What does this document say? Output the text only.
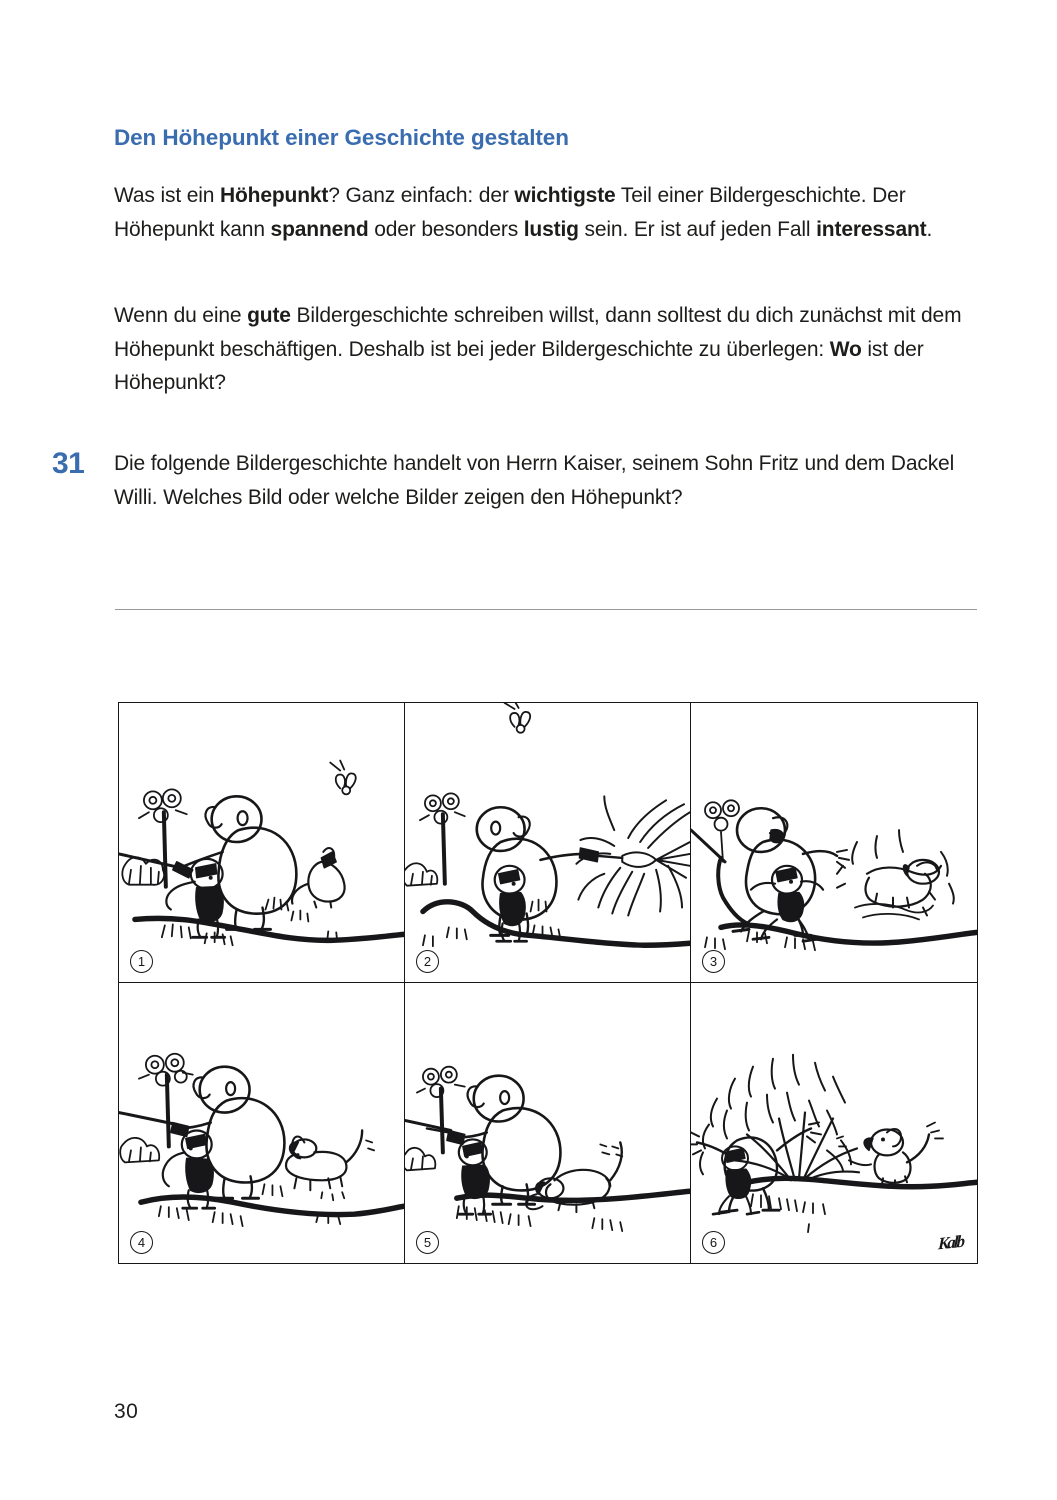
Den Höhepunkt einer Geschichte gestalten

Was ist ein Höhepunkt? Ganz einfach: der wichtigste Teil einer Bildergeschichte. Der Höhepunkt kann spannend oder besonders lustig sein. Er ist auf jeden Fall interessant.

Wenn du eine gute Bildergeschichte schreiben willst, dann solltest du dich zunächst mit dem Höhepunkt beschäftigen. Deshalb ist bei jeder Bildergeschichte zu überlegen: Wo ist der Höhepunkt?

31 Die folgende Bildergeschichte handelt von Herrn Kaiser, seinem Sohn Fritz und dem Dackel Willi. Welches Bild oder welche Bilder zeigen den Höhepunkt?
1	2	3
4	5	6	Kalb
30
